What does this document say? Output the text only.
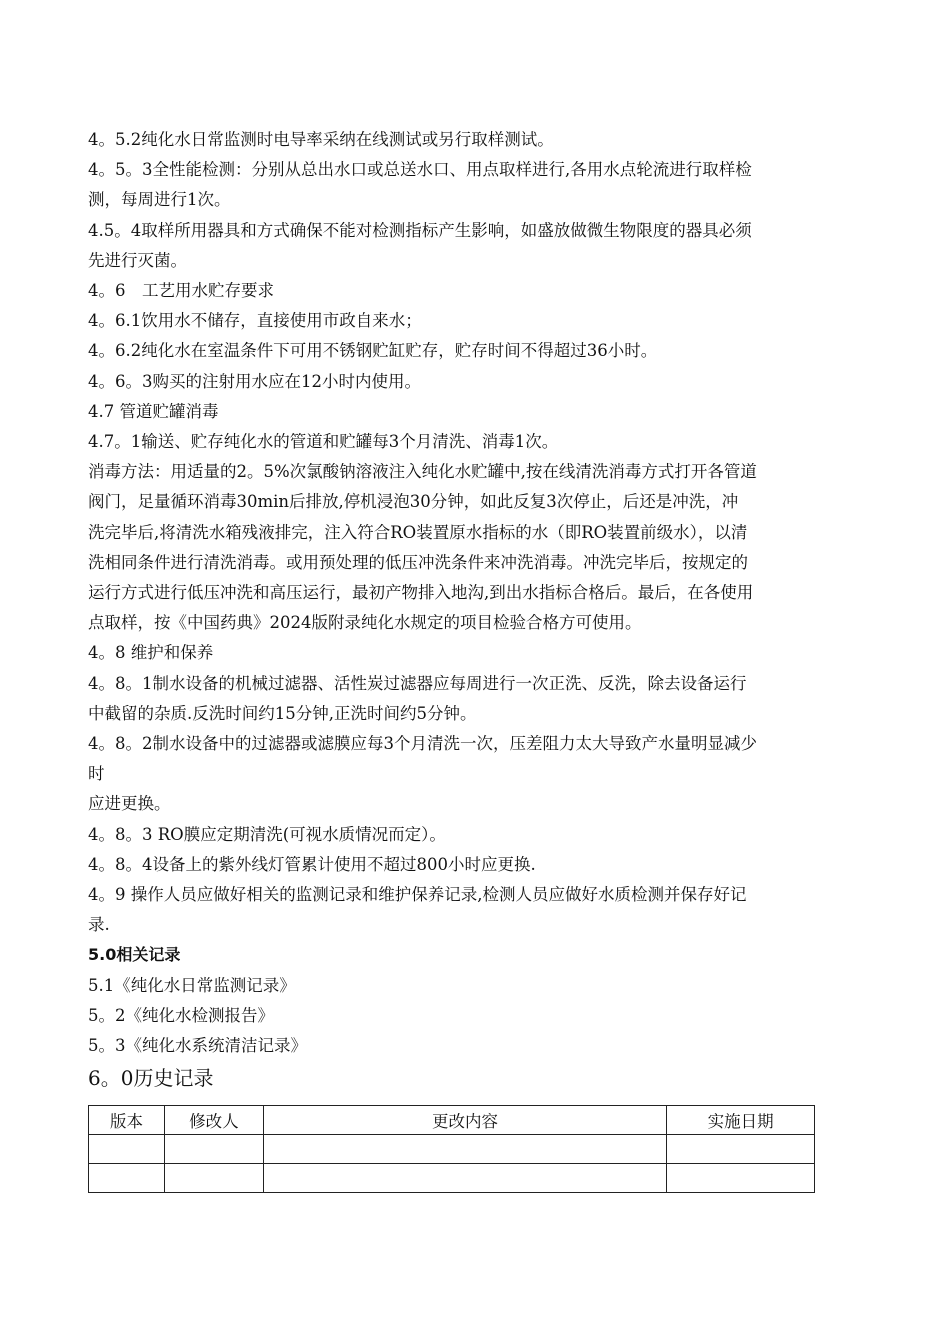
4。5.2纯化水日常监测时电导率采纳在线测试或另行取样测试。
4。5。3全性能检测：分别从总出水口或总送水口、用点取样进行,各用水点轮流进行取样检
测，每周进行1次。
4.5。4取样所用器具和方式确保不能对检测指标产生影响，如盛放做微生物限度的器具必须
先进行灭菌。
4。6　工艺用水贮存要求
4。6.1饮用水不储存，直接使用市政自来水；
4。6.2纯化水在室温条件下可用不锈钢贮缸贮存，贮存时间不得超过36小时。
4。6。3购买的注射用水应在12小时内使用。
4.7 管道贮罐消毒
4.7。1输送、贮存纯化水的管道和贮罐每3个月清洗、消毒1次。
消毒方法：用适量的2。5%次氯酸钠溶液注入纯化水贮罐中,按在线清洗消毒方式打开各管道
阀门，足量循环消毒30min后排放,停机浸泡30分钟，如此反复3次停止，后还是冲洗，冲
洗完毕后,将清洗水箱残液排完，注入符合RO装置原水指标的水（即RO装置前级水），以清
洗相同条件进行清洗消毒。或用预处理的低压冲洗条件来冲洗消毒。冲洗完毕后，按规定的
运行方式进行低压冲洗和高压运行，最初产物排入地沟,到出水指标合格后。最后，在各使用
点取样，按《中国药典》2024版附录纯化水规定的项目检验合格方可使用。
4。8 维护和保养
4。8。1制水设备的机械过滤器、活性炭过滤器应每周进行一次正洗、反洗，除去设备运行
中截留的杂质.反洗时间约15分钟,正洗时间约5分钟。
4。8。2制水设备中的过滤器或滤膜应每3个月清洗一次，压差阻力太大导致产水量明显减少
时
应进更换。
4。8。3 RO膜应定期清洗(可视水质情况而定）。
4。8。4设备上的紫外线灯管累计使用不超过800小时应更换.
4。9 操作人员应做好相关的监测记录和维护保养记录,检测人员应做好水质检测并保存好记
录.
5.0相关记录
5.1《纯化水日常监测记录》
5。2《纯化水检测报告》
5。3《纯化水系统清洁记录》
6。0历史记录
版本	修改人	更改内容	实施日期
